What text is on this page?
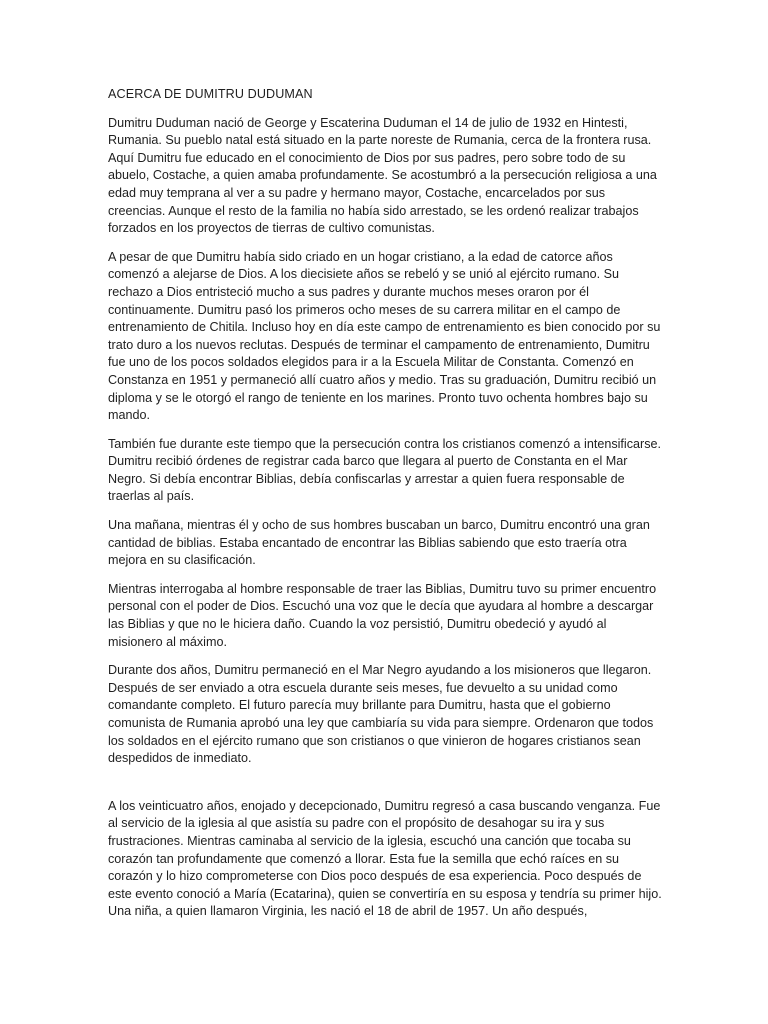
ACERCA DE DUMITRU DUDUMAN

Dumitru Duduman nació de George y Escaterina Duduman el 14 de julio de 1932 en Hintesti, Rumania. Su pueblo natal está situado en la parte noreste de Rumania, cerca de la frontera rusa. Aquí Dumitru fue educado en el conocimiento de Dios por sus padres, pero sobre todo de su abuelo, Costache, a quien amaba profundamente. Se acostumbró a la persecución religiosa a una edad muy temprana al ver a su padre y hermano mayor, Costache, encarcelados por sus creencias. Aunque el resto de la familia no había sido arrestado, se les ordenó realizar trabajos forzados en los proyectos de tierras de cultivo comunistas.

A pesar de que Dumitru había sido criado en un hogar cristiano, a la edad de catorce años comenzó a alejarse de Dios. A los diecisiete años se rebeló y se unió al ejército rumano. Su rechazo a Dios entristeció mucho a sus padres y durante muchos meses oraron por él continuamente. Dumitru pasó los primeros ocho meses de su carrera militar en el campo de entrenamiento de Chitila. Incluso hoy en día este campo de entrenamiento es bien conocido por su trato duro a los nuevos reclutas. Después de terminar el campamento de entrenamiento, Dumitru fue uno de los pocos soldados elegidos para ir a la Escuela Militar de Constanta. Comenzó en Constanza en 1951 y permaneció allí cuatro años y medio. Tras su graduación, Dumitru recibió un diploma y se le otorgó el rango de teniente en los marines. Pronto tuvo ochenta hombres bajo su mando.

También fue durante este tiempo que la persecución contra los cristianos comenzó a intensificarse. Dumitru recibió órdenes de registrar cada barco que llegara al puerto de Constanta en el Mar Negro. Si debía encontrar Biblias, debía confiscarlas y arrestar a quien fuera responsable de traerlas al país.

Una mañana, mientras él y ocho de sus hombres buscaban un barco, Dumitru encontró una gran cantidad de biblias. Estaba encantado de encontrar las Biblias sabiendo que esto traería otra mejora en su clasificación.

Mientras interrogaba al hombre responsable de traer las Biblias, Dumitru tuvo su primer encuentro personal con el poder de Dios. Escuchó una voz que le decía que ayudara al hombre a descargar las Biblias y que no le hiciera daño. Cuando la voz persistió, Dumitru obedeció y ayudó al misionero al máximo.

Durante dos años, Dumitru permaneció en el Mar Negro ayudando a los misioneros que llegaron. Después de ser enviado a otra escuela durante seis meses, fue devuelto a su unidad como comandante completo. El futuro parecía muy brillante para Dumitru, hasta que el gobierno comunista de Rumania aprobó una ley que cambiaría su vida para siempre. Ordenaron que todos los soldados en el ejército rumano que son cristianos o que vinieron de hogares cristianos sean despedidos de inmediato.

A los veinticuatro años, enojado y decepcionado, Dumitru regresó a casa buscando venganza. Fue al servicio de la iglesia al que asistía su padre con el propósito de desahogar su ira y sus frustraciones. Mientras caminaba al servicio de la iglesia, escuchó una canción que tocaba su corazón tan profundamente que comenzó a llorar. Esta fue la semilla que echó raíces en su corazón y lo hizo comprometerse con Dios poco después de esa experiencia. Poco después de este evento conoció a María (Ecatarina), quien se convertiría en su esposa y tendría su primer hijo. Una niña, a quien llamaron Virginia, les nació el 18 de abril de 1957. Un año después,
